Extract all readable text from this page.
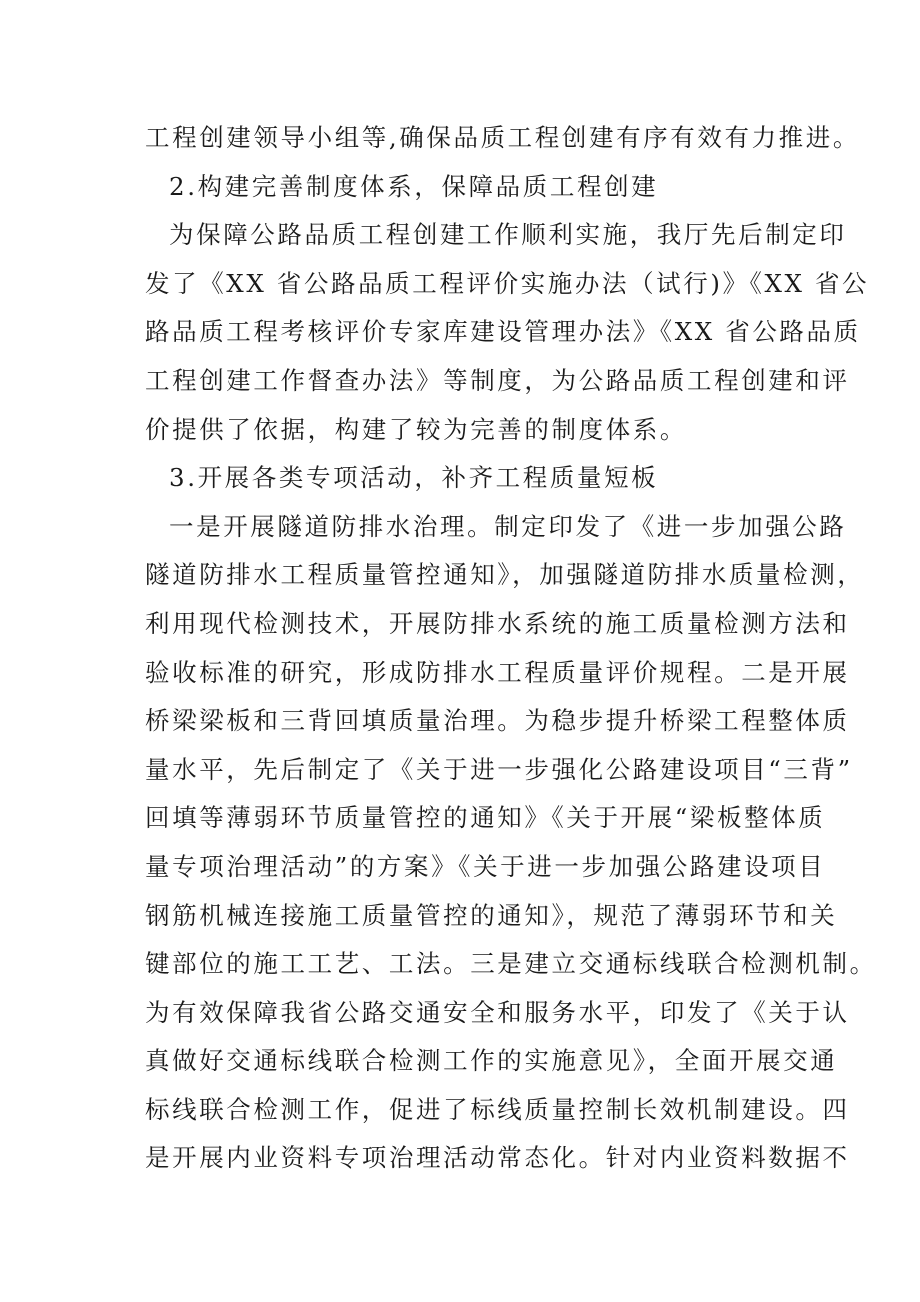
工程创建领导小组等,确保品质工程创建有序有效有力推进。
2.构建完善制度体系，保障品质工程创建
为保障公路品质工程创建工作顺利实施，我厅先后制定印
发了《XX 省公路品质工程评价实施办法（试行)》《XX 省公
路品质工程考核评价专家库建设管理办法》《XX 省公路品质
工程创建工作督查办法》等制度，为公路品质工程创建和评
价提供了依据，构建了较为完善的制度体系。
3.开展各类专项活动，补齐工程质量短板
一是开展隧道防排水治理。制定印发了《进一步加强公路
隧道防排水工程质量管控通知》，加强隧道防排水质量检测，
利用现代检测技术，开展防排水系统的施工质量检测方法和
验收标准的研究，形成防排水工程质量评价规程。二是开展
桥梁梁板和三背回填质量治理。为稳步提升桥梁工程整体质
量水平，先后制定了《关于进一步强化公路建设项目“三背”
回填等薄弱环节质量管控的通知》《关于开展“梁板整体质
量专项治理活动”的方案》《关于进一步加强公路建设项目
钢筋机械连接施工质量管控的通知》，规范了薄弱环节和关
键部位的施工工艺、工法。三是建立交通标线联合检测机制。
为有效保障我省公路交通安全和服务水平，印发了《关于认
真做好交通标线联合检测工作的实施意见》，全面开展交通
标线联合检测工作，促进了标线质量控制长效机制建设。四
是开展内业资料专项治理活动常态化。针对内业资料数据不
